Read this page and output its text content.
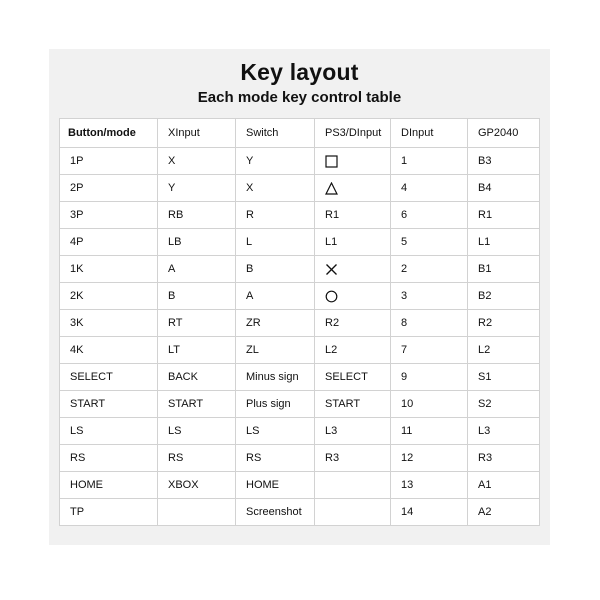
Key layout
Each mode key control table
Button/mode	XInput	Switch	PS3/DInput	DInput	GP2040
1P	X	Y		1	B3
2P	Y	X		4	B4
3P	RB	R	R1	6	R1
4P	LB	L	L1	5	L1
1K	A	B		2	B1
2K	B	A		3	B2
3K	RT	ZR	R2	8	R2
4K	LT	ZL	L2	7	L2
SELECT	BACK	Minus sign	SELECT	9	S1
START	START	Plus sign	START	10	S2
LS	LS	LS	L3	11	L3
RS	RS	RS	R3	12	R3
HOME	XBOX	HOME		13	A1
TP		Screenshot		14	A2
